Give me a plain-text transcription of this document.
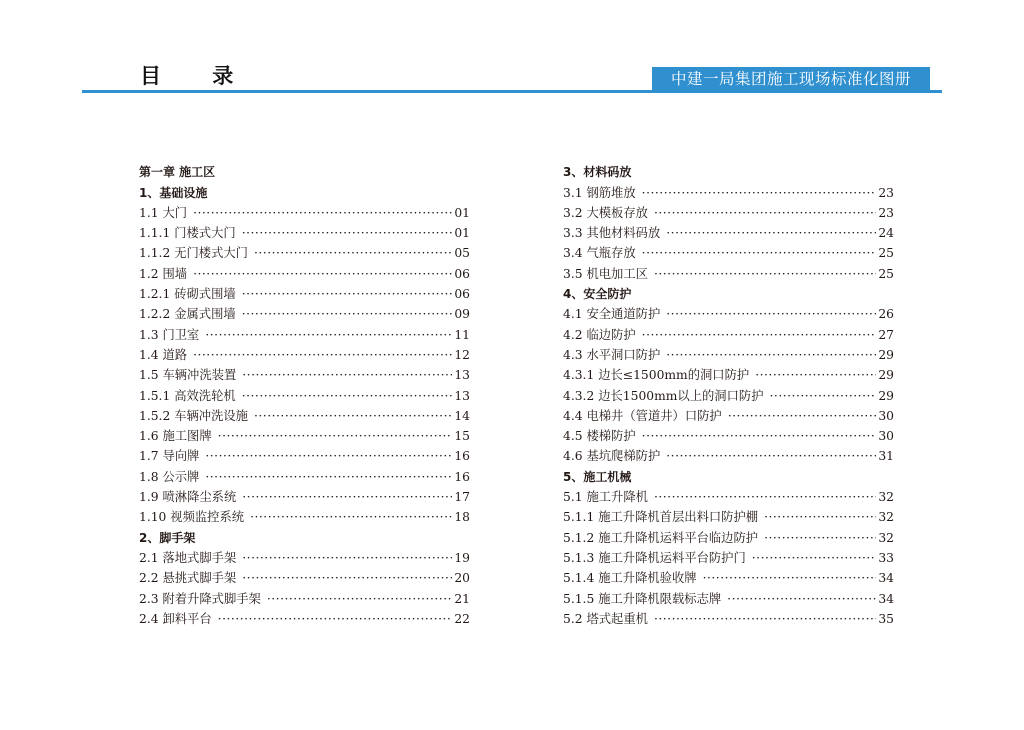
目 录	中建一局集团施工现场标准化图册
第一章 施工区
1、基础设施
1.1 大门 ·····	01
1.1.1 门楼式大门 ·····	01
1.1.2 无门楼式大门 ·····	05
1.2 围墙 ·····	06
1.2.1 砖砌式围墙 ·····	06
1.2.2 金属式围墙 ·····	09
1.3 门卫室 ·····	11
1.4 道路 ·····	12
1.5 车辆冲洗装置 ·····	13
1.5.1 高效洗轮机 ·····	13
1.5.2 车辆冲洗设施 ·····	14
1.6 施工图牌 ·····	15
1.7 导向牌 ·····	16
1.8 公示牌 ·····	16
1.9 喷淋降尘系统 ·····	17
1.10 视频监控系统 ·····	18
2、脚手架
2.1 落地式脚手架 ·····	19
2.2 悬挑式脚手架 ·····	20
2.3 附着升降式脚手架 ·····	21
2.4 卸料平台 ·····	22
3、材料码放
3.1 钢筋堆放 ·····	23
3.2 大模板存放 ·····	23
3.3 其他材料码放 ·····	24
3.4 气瓶存放 ·····	25
3.5 机电加工区 ·····	25
4、安全防护
4.1 安全通道防护 ·····	26
4.2 临边防护 ·····	27
4.3 水平洞口防护 ·····	29
4.3.1 边长≤1500mm的洞口防护 ·····	29
4.3.2 边长1500mm以上的洞口防护 ·····	29
4.4 电梯井（管道井）口防护 ·····	30
4.5 楼梯防护 ·····	30
4.6 基坑爬梯防护 ·····	31
5、施工机械
5.1 施工升降机 ·····	32
5.1.1 施工升降机首层出料口防护棚 ·····	32
5.1.2 施工升降机运料平台临边防护 ·····	32
5.1.3 施工升降机运料平台防护门 ·····	33
5.1.4 施工升降机验收牌 ·····	34
5.1.5 施工升降机限载标志牌 ·····	34
5.2 塔式起重机 ·····	35
